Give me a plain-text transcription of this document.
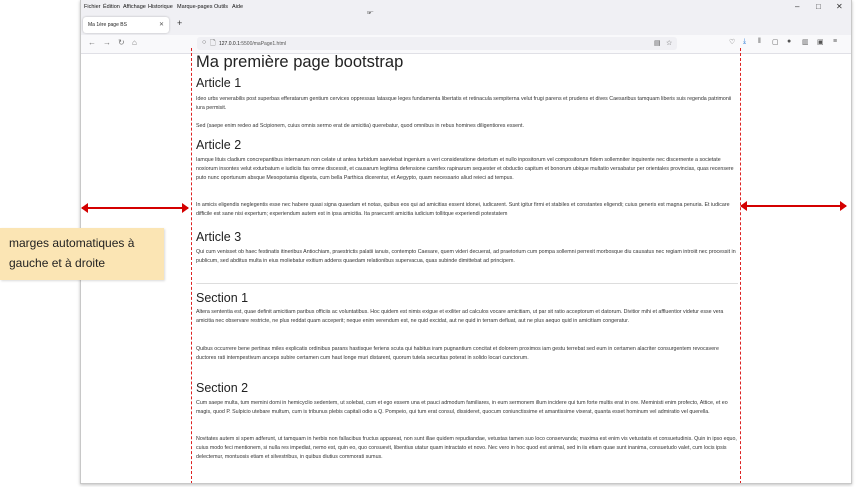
Fichier Édition Affichage Historique Marque-pages Outils Aide	– □ ✕
Ma 1ère page BS	✕ +
← → ↻ ⌂	○ 🗋 127.0.0.1:5500/maPage1.html	▤ ☆	♡ ⤓ ‖ ▢ ● ▥ ▣ ≡
Ma première page bootstrap
Article 1

Ideo urbs venerabilis post superbas efferatarum gentium cervices oppressas latasque leges fundamenta libertatis et retinacula sempiterna velut frugi parens et prudens et dives Caesaribus tamquam liberis suis regenda patrimonii iura permisit.

Sed (saepe enim redeo ad Scipionem, cuius omnis sermo erat de amicitia) querebatur, quod omnibus in rebus homines diligentiores essent.

Article 2

Iamque lituis cladium concrepantibus internarum non celate ut antea turbidum saeviebat ingenium a veri consideratione detortum et nullo inpositorum vel compositorum fidem sollemniter inquirente nec discernente a societate noxiorum insontes velut exturbatum e iudiciis fas omne discessit, et causarum legitima defensione carnifex rapinarum sequester et obductio capitum et bonorum ubique multatio versabatur per orientales provincias, quas recensere puto nunc oportunum absque Mesopotamia digesta, cum bella Parthica dicerentur, et Aegypto, quam necessario aliud reieci ad tempus.

In amicis eligendis neglegentis esse nec habere quasi signa quaedam et notas, quibus eos qui ad amicitias essent idonei, iudicarent. Sunt igitur firmi et stabiles et constantes eligendi; cuius generis est magna penuria. Et iudicare difficile est sane nisi expertum; experiendum autem est in ipsa amicitia. Ita praecurrit amicitia iudicium tollitque experiendi potestatem

Article 3

Qui cum venisset ob haec festinatis itineribus Antiochiam, praestrictis palatii ianuis, contempto Caesare, quem videri decuerat, ad praetorium cum pompa sollemni perrexit morbosque diu causatus nec regiam introiit nec processit in publicum, sed abditus multa in eius moliebatur exitium addens quaedam relationibus supervacua, quas subinde dimittebat ad principem.

Section 1

Altera sententia est, quae definit amicitiam paribus officiis ac voluntatibus. Hoc quidem est nimis exigue et exiliter ad calculos vocare amicitiam, ut par sit ratio acceptorum et datorum. Divitior mihi et affluentior videtur esse vera amicitia nec observare restricte, ne plus reddat quam acceperit; neque enim verendum est, ne quid excidat, aut ne quid in terram defluat, aut ne plus aequo quid in amicitiam congeratur.

Quibus occurrere bene pertinax miles explicatis ordinibus parans hastisque feriens scuta qui habitus iram pugnantium concitat et dolorem proximos iam gestu terrebat sed eum in certamen alacriter consurgentem revocavere ductores rati intempestivum anceps subire certamen cum haut longe muri distarent, quorum tutela securitas poterat in solido locari cunctorum.

Section 2

Cum saepe multa, tum memini domi in hemicyclio sedentem, ut solebat, cum et ego essem una et pauci admodum familiares, in eum sermonem illum incidere qui tum forte multis erat in ore. Meministi enim profecto, Attice, et eo magis, quod P. Sulpicio utebare multum, cum is tribunus plebis capitali odio a Q. Pompeio, qui tum erat consul, dissideret, quocum coniunctissime et amantissime vixerat, quanta esset hominum vel admiratio vel querella.

Novitates autem si spem adferunt, ut tamquam in herbis non fallacibus fructus appareat, non sunt illae quidem repudiandae, vetustas tamen suo loco conservanda; maxima est enim vis vetustatis et consuetudinis. Quin in ipso equo, cuius modo feci mentionem, si nulla res impediat, nemo est, quin eo, quo consuevit, libentius utatur quam intractato et novo. Nec vero in hoc quod est animal, sed in iis etiam quae sunt inanima, consuetudo valet, cum locis ipsis delectemur, montuosis etiam et silvestribus, in quibus diutius commorati sumus.

marges automatiques à gauche et à droite
